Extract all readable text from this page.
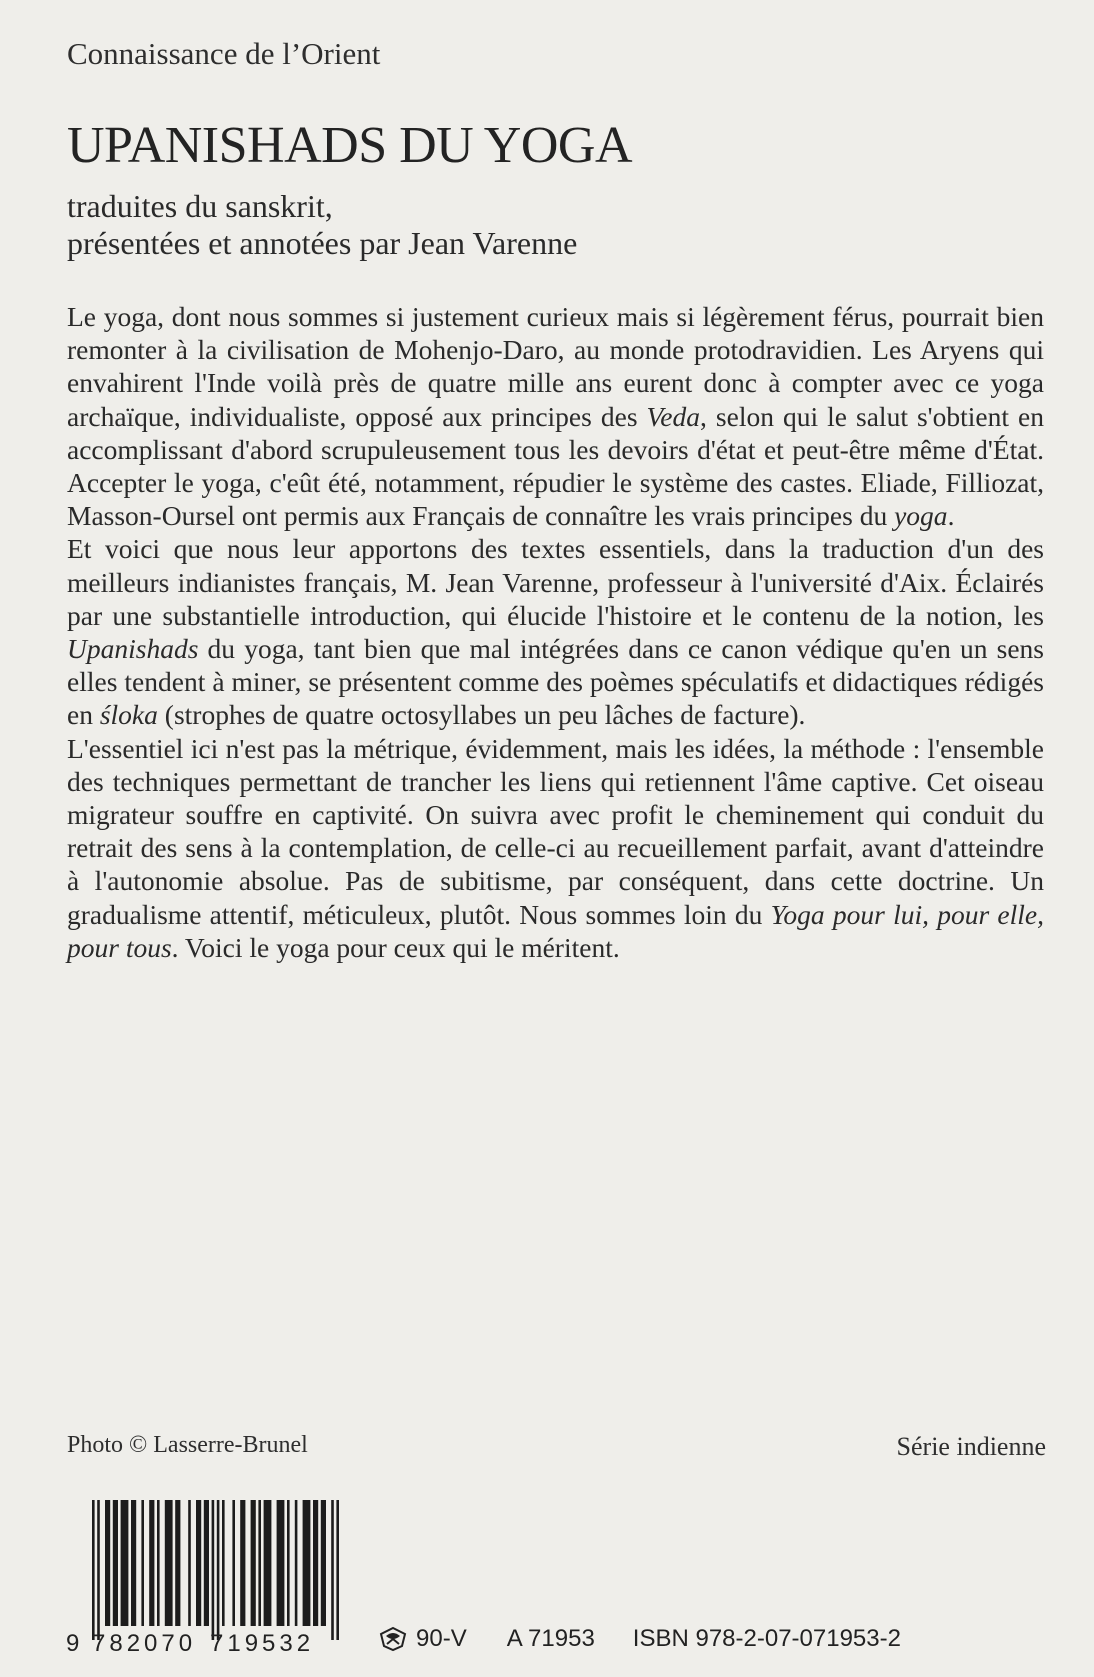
Connaissance de l’Orient
UPANISHADS DU YOGA
traduites du sanskrit,
présentées et annotées par Jean Varenne

Le yoga, dont nous sommes si justement curieux mais si légèrement férus, pourrait bien remonter à la civilisation de Mohenjo-Daro, au monde protodravidien. Les Aryens qui envahirent l'Inde voilà près de quatre mille ans eurent donc à compter avec ce yoga archaïque, individualiste, opposé aux principes des Veda, selon qui le salut s'obtient en accomplissant d'abord scrupuleusement tous les devoirs d'état et peut-être même d'État. Accepter le yoga, c'eût été, notamment, répudier le système des castes. Eliade, Filliozat, Masson-Oursel ont permis aux Français de connaître les vrais principes du yoga.

Et voici que nous leur apportons des textes essentiels, dans la traduction d'un des meilleurs indianistes français, M. Jean Varenne, professeur à l'université d'Aix. Éclairés par une substantielle introduction, qui élucide l'histoire et le contenu de la notion, les Upanishads du yoga, tant bien que mal intégrées dans ce canon védique qu'en un sens elles tendent à miner, se présentent comme des poèmes spéculatifs et didactiques rédigés en śloka (strophes de quatre octosyllabes un peu lâches de facture).

L'essentiel ici n'est pas la métrique, évidemment, mais les idées, la méthode : l'ensemble des techniques permettant de trancher les liens qui retiennent l'âme captive. Cet oiseau migrateur souffre en captivité. On suivra avec profit le cheminement qui conduit du retrait des sens à la contemplation, de celle-ci au recueillement parfait, avant d'atteindre à l'autonomie absolue. Pas de subitisme, par conséquent, dans cette doctrine. Un gradualisme attentif, méticuleux, plutôt. Nous sommes loin du Yoga pour lui, pour elle, pour tous. Voici le yoga pour ceux qui le méritent.

Photo © Lasserre-Brunel	Série indienne
9 782070 719532	90-V A 71953 ISBN 978-2-07-071953-2
